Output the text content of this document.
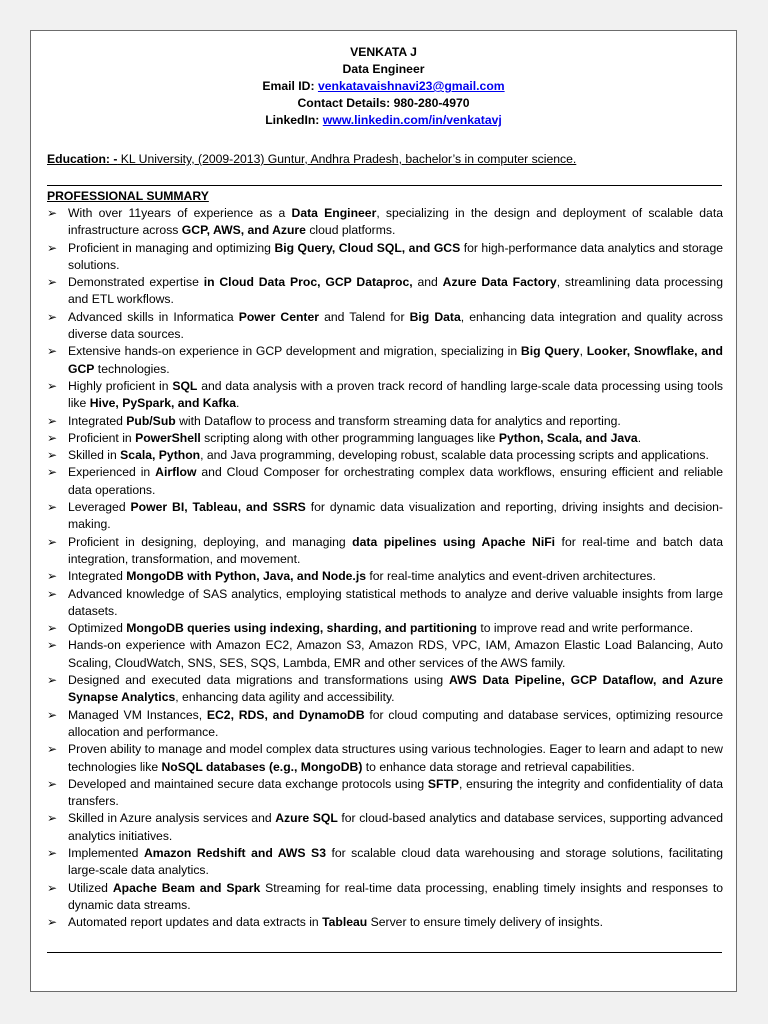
VENKATA J
Data Engineer
Email ID: venkatavaishnavi23@gmail.com
Contact Details: 980-280-4970
LinkedIn: www.linkedin.com/in/venkatavj
Education: - KL University, (2009-2013) Guntur, Andhra Pradesh, bachelor’s in computer science.
PROFESSIONAL SUMMARY
➢ With over 11years of experience as a Data Engineer, specializing in the design and deployment of scalable data infrastructure across GCP, AWS, and Azure cloud platforms.
➢ Proficient in managing and optimizing Big Query, Cloud SQL, and GCS for high-performance data analytics and storage solutions.
➢ Demonstrated expertise in Cloud Data Proc, GCP Dataproc, and Azure Data Factory, streamlining data processing and ETL workflows.
➢ Advanced skills in Informatica Power Center and Talend for Big Data, enhancing data integration and quality across diverse data sources.
➢ Extensive hands-on experience in GCP development and migration, specializing in Big Query, Looker, Snowflake, and GCP technologies.
➢ Highly proficient in SQL and data analysis with a proven track record of handling large-scale data processing using tools like Hive, PySpark, and Kafka.
➢ Integrated Pub/Sub with Dataflow to process and transform streaming data for analytics and reporting.
➢ Proficient in PowerShell scripting along with other programming languages like Python, Scala, and Java.
➢ Skilled in Scala, Python, and Java programming, developing robust, scalable data processing scripts and applications.
➢ Experienced in Airflow and Cloud Composer for orchestrating complex data workflows, ensuring efficient and reliable data operations.
➢ Leveraged Power BI, Tableau, and SSRS for dynamic data visualization and reporting, driving insights and decision-making.
➢ Proficient in designing, deploying, and managing data pipelines using Apache NiFi for real-time and batch data integration, transformation, and movement.
➢ Integrated MongoDB with Python, Java, and Node.js for real-time analytics and event-driven architectures.
➢ Advanced knowledge of SAS analytics, employing statistical methods to analyze and derive valuable insights from large datasets.
➢ Optimized MongoDB queries using indexing, sharding, and partitioning to improve read and write performance.
➢ Hands-on experience with Amazon EC2, Amazon S3, Amazon RDS, VPC, IAM, Amazon Elastic Load Balancing, Auto Scaling, CloudWatch, SNS, SES, SQS, Lambda, EMR and other services of the AWS family.
➢ Designed and executed data migrations and transformations using AWS Data Pipeline, GCP Dataflow, and Azure Synapse Analytics, enhancing data agility and accessibility.
➢ Managed VM Instances, EC2, RDS, and DynamoDB for cloud computing and database services, optimizing resource allocation and performance.
➢ Proven ability to manage and model complex data structures using various technologies. Eager to learn and adapt to new technologies like NoSQL databases (e.g., MongoDB) to enhance data storage and retrieval capabilities.
➢ Developed and maintained secure data exchange protocols using SFTP, ensuring the integrity and confidentiality of data transfers.
➢ Skilled in Azure analysis services and Azure SQL for cloud-based analytics and database services, supporting advanced analytics initiatives.
➢ Implemented Amazon Redshift and AWS S3 for scalable cloud data warehousing and storage solutions, facilitating large-scale data analytics.
➢ Utilized Apache Beam and Spark Streaming for real-time data processing, enabling timely insights and responses to dynamic data streams.
➢ Automated report updates and data extracts in Tableau Server to ensure timely delivery of insights.
